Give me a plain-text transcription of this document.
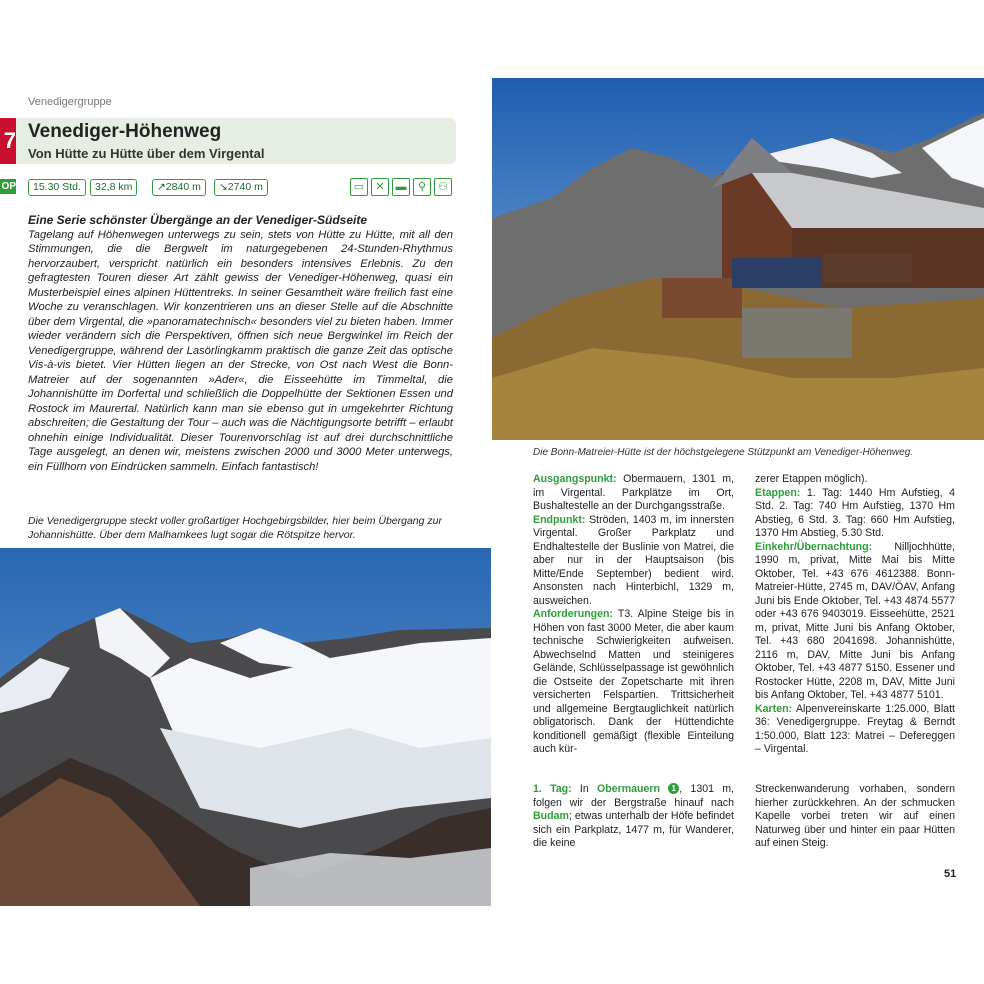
Venedigergruppe
7 Venediger-Höhenweg
Von Hütte zu Hütte über dem Virgental
OP	15.30 Std.	32,8 km	↗2840 m	↘2740 m	▭	✕ ▬	⚲	⚇
Eine Serie schönster Übergänge an der Venediger-Südseite
Tagelang auf Höhenwegen unterwegs zu sein, stets von Hütte zu Hütte, mit all den Stimmungen, die die Bergwelt im naturgegebenen 24-Stunden-Rhythmus hervorzaubert, verspricht natürlich ein besonders intensives Erlebnis. Zu den gefragtesten Touren dieser Art zählt gewiss der Venediger-Höhenweg, quasi ein Musterbeispiel eines alpinen Hüttentreks. In seiner Gesamtheit wäre freilich fast eine Woche zu veranschlagen. Wir konzentrieren uns an dieser Stelle auf die Abschnitte über dem Virgental, die »panoramatechnisch« besonders viel zu bieten haben. Immer wieder verändern sich die Perspektiven, öffnen sich neue Bergwinkel im Reich der Venedigergruppe, während der Lasörlingkamm praktisch die ganze Zeit das optische Vis-à-vis bietet. Vier Hütten liegen an der Strecke, von Ost nach West die Bonn-Matreier auf der sogenannten »Ader«, die Eisseehütte im Timmeltal, die Johannishütte im Dorfertal und schließlich die Doppelhütte der Sektionen Essen und Rostock im Maurertal. Natürlich kann man sie ebenso gut in umgekehrter Richtung abschreiten; die Gestaltung der Tour – auch was die Nächtigungsorte betrifft – erlaubt ohnehin einige Individualität. Dieser Tourenvorschlag ist auf drei durchschnittliche Tage ausgelegt, an denen wir, meistens zwischen 2000 und 3000 Meter unterwegs, ein Füllhorn von Eindrücken sammeln. Einfach fantastisch!
Die Venedigergruppe steckt voller großartiger Hochgebirgsbilder, hier beim Übergang zur Johannishütte. Über dem Malhamkees lugt sogar die Rötspitze hervor.
Die Bonn-Matreier-Hütte ist der höchstgelegene Stützpunkt am Venediger-Höhenweg.
Ausgangspunkt: Obermauern, 1301 m, im Virgental. Parkplätze im Ort, Bushaltestelle an der Durchgangsstraße.
Endpunkt: Ströden, 1403 m, im innersten Virgental. Großer Parkplatz und Endhaltestelle der Buslinie von Matrei, die aber nur in der Hauptsaison (bis Mitte/Ende September) bedient wird. Ansonsten nach Hinterbichl, 1329 m, ausweichen.
Anforderungen: T3. Alpine Steige bis in Höhen von fast 3000 Meter, die aber kaum technische Schwierigkeiten aufweisen. Abwechselnd Matten und steinigeres Gelände, Schlüsselpassage ist gewöhnlich die Ostseite der Zopetscharte mit ihren versicherten Felspartien. Trittsicherheit und allgemeine Bergtauglichkeit natürlich obligatorisch. Dank der Hüttendichte konditionell gemäßigt (flexible Einteilung auch kür-
zerer Etappen möglich).
Etappen: 1. Tag: 1440 Hm Aufstieg, 4 Std. 2. Tag: 740 Hm Aufstieg, 1370 Hm Abstieg, 6 Std. 3. Tag: 660 Hm Aufstieg, 1370 Hm Abstieg, 5.30 Std.
Einkehr/Übernachtung: Nilljochhütte, 1990 m, privat, Mitte Mai bis Mitte Oktober, Tel. +43 676 4612388. Bonn-Matreier-Hütte, 2745 m, DAV/ÖAV, Anfang Juni bis Ende Oktober, Tel. +43 4874 5577 oder +43 676 9403019. Eisseehütte, 2521 m, privat, Mitte Juni bis Anfang Oktober, Tel. +43 680 2041698. Johannishütte, 2116 m, DAV, Mitte Juni bis Anfang Oktober, Tel. +43 4877 5150. Essener und Rostocker Hütte, 2208 m, DAV, Mitte Juni bis Anfang Oktober, Tel. +43 4877 5101.
Karten: Alpenvereinskarte 1:25.000, Blatt 36: Venedigergruppe. Freytag & Berndt 1:50.000, Blatt 123: Matrei – Defereggen – Virgental.
1. Tag: In Obermauern 1 , 1301 m, folgen wir der Bergstraße hinauf nach Budam; etwas unterhalb der Höfe befindet sich ein Parkplatz, 1477 m, für Wanderer, die keine
Streckenwanderung vorhaben, sondern hierher zurückkehren. An der schmucken Kapelle vorbei treten wir auf einen Naturweg über und hinter ein paar Hütten auf einen Steig.
51
